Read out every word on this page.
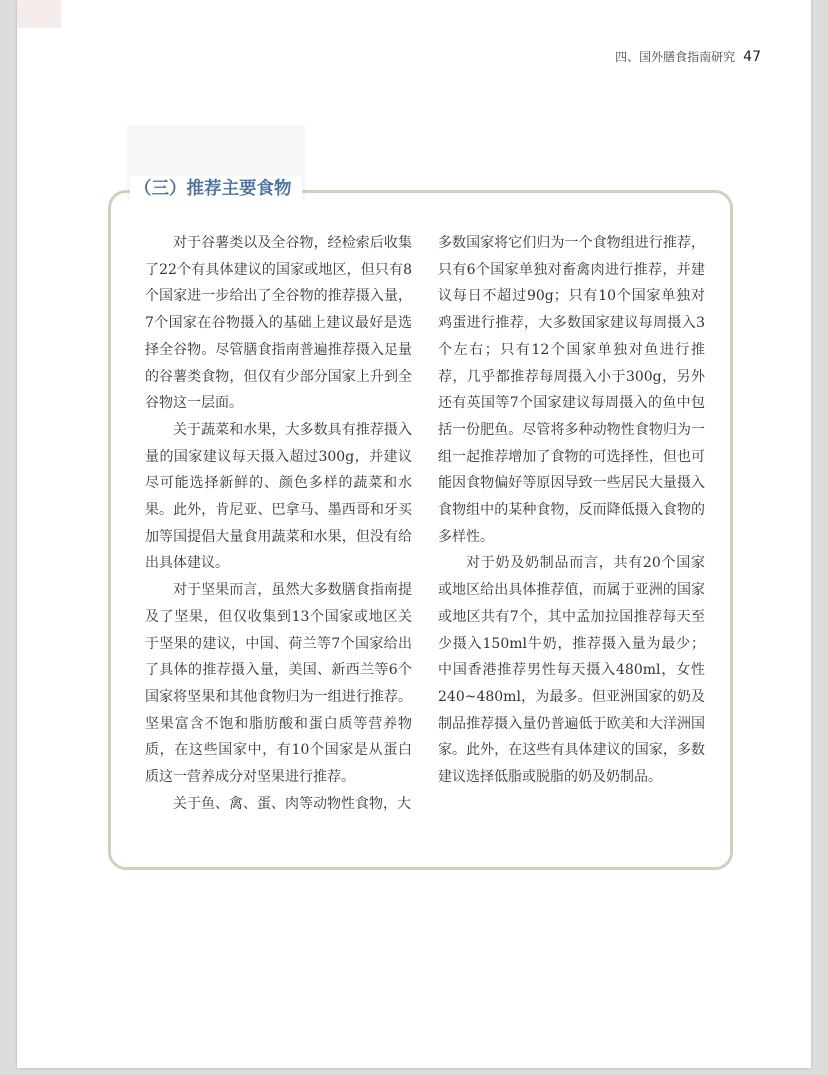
四、国外膳食指南研究 47
（三）推荐主要食物

对于谷薯类以及全谷物，经检索后收集了22个有具体建议的国家或地区，但只有8个国家进一步给出了全谷物的推荐摄入量，7个国家在谷物摄入的基础上建议最好是选择全谷物。尽管膳食指南普遍推荐摄入足量的谷薯类食物，但仅有少部分国家上升到全谷物这一层面。

关于蔬菜和水果，大多数具有推荐摄入量的国家建议每天摄入超过300g，并建议尽可能选择新鲜的、颜色多样的蔬菜和水果。此外，肯尼亚、巴拿马、墨西哥和牙买加等国提倡大量食用蔬菜和水果，但没有给出具体建议。

对于坚果而言，虽然大多数膳食指南提及了坚果，但仅收集到13个国家或地区关于坚果的建议，中国、荷兰等7个国家给出了具体的推荐摄入量，美国、新西兰等6个国家将坚果和其他食物归为一组进行推荐。坚果富含不饱和脂肪酸和蛋白质等营养物质，在这些国家中，有10个国家是从蛋白质这一营养成分对坚果进行推荐。

关于鱼、禽、蛋、肉等动物性食物，大

多数国家将它们归为一个食物组进行推荐，只有6个国家单独对畜禽肉进行推荐，并建议每日不超过90g；只有10个国家单独对鸡蛋进行推荐，大多数国家建议每周摄入3个左右；只有12个国家单独对鱼进行推荐，几乎都推荐每周摄入小于300g，另外还有英国等7个国家建议每周摄入的鱼中包括一份肥鱼。尽管将多种动物性食物归为一组一起推荐增加了食物的可选择性，但也可能因食物偏好等原因导致一些居民大量摄入食物组中的某种食物，反而降低摄入食物的多样性。

对于奶及奶制品而言，共有20个国家或地区给出具体推荐值，而属于亚洲的国家或地区共有7个，其中孟加拉国推荐每天至少摄入150ml牛奶，推荐摄入量为最少；中国香港推荐男性每天摄入480ml，女性240~480ml，为最多。但亚洲国家的奶及制品推荐摄入量仍普遍低于欧美和大洋洲国家。此外，在这些有具体建议的国家，多数建议选择低脂或脱脂的奶及奶制品。
